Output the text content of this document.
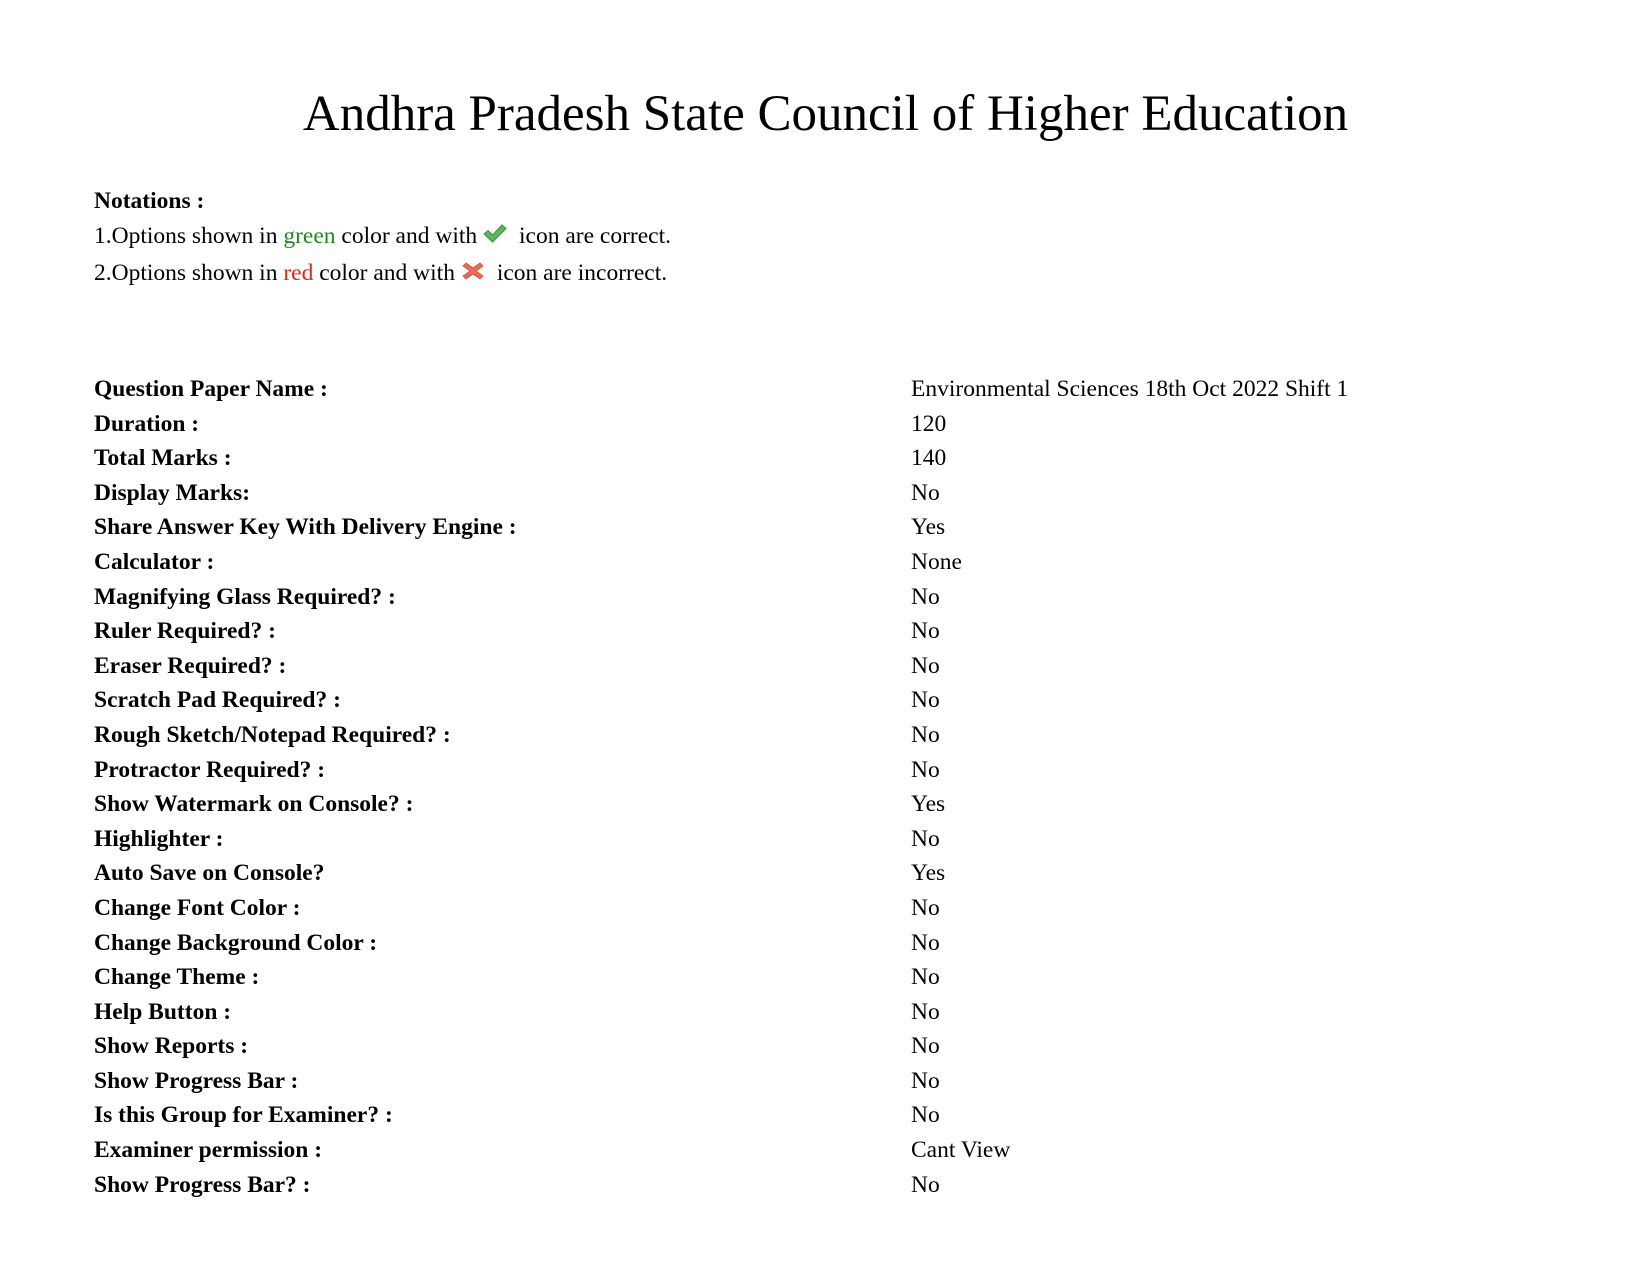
Andhra Pradesh State Council of Higher Education
Notations :
1.Options shown in green color and with
icon are correct.
2.Options shown in red color and with
icon are incorrect.
Question Paper Name :	Environmental Sciences 18th Oct 2022 Shift 1
Duration :	120
Total Marks :	140
Display Marks:	No
Share Answer Key With Delivery Engine :	Yes
Calculator :	None
Magnifying Glass Required? :	No
Ruler Required? :	No
Eraser Required? :	No
Scratch Pad Required? :	No
Rough Sketch/Notepad Required? :	No
Protractor Required? :	No
Show Watermark on Console? :	Yes
Highlighter :	No
Auto Save on Console?	Yes
Change Font Color :	No
Change Background Color :	No
Change Theme :	No
Help Button :	No
Show Reports :	No
Show Progress Bar :	No
Is this Group for Examiner? :	No
Examiner permission :	Cant View
Show Progress Bar? :	No
